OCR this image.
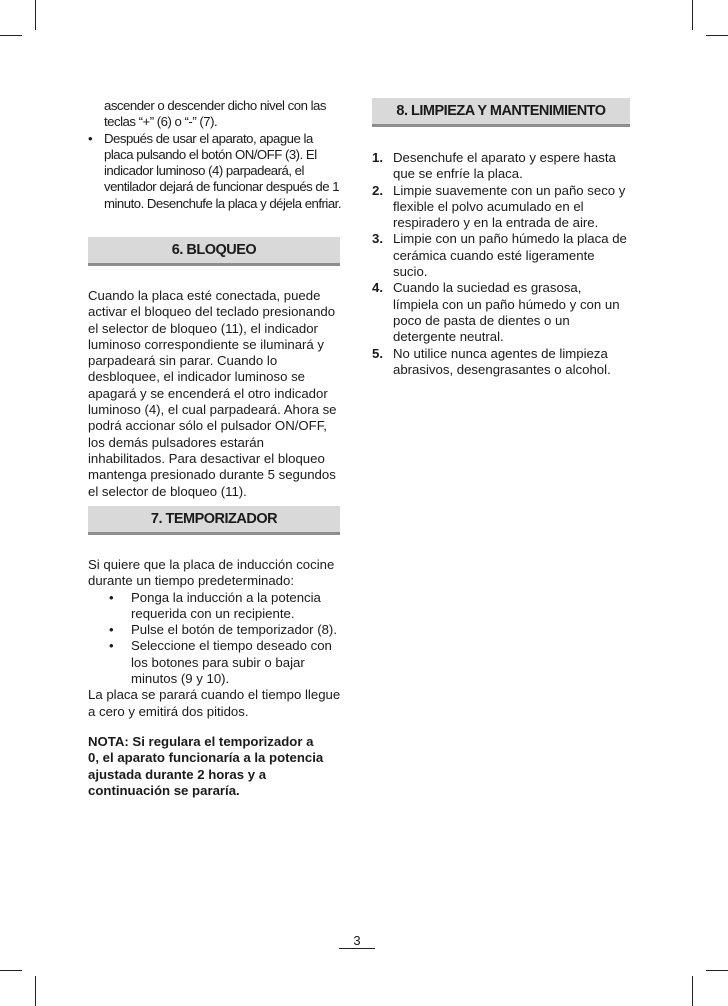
ascender o descender dicho nivel con las

teclas “+” (6) o “-” (7).

• Después de usar el aparato, apague la placa pulsando el botón ON/OFF (3). El indicador luminoso (4) parpadeará, el ventilador dejará de funcionar después de 1 minuto. Desenchufe la placa y déjela enfriar.
6. BLOQUEO

Cuando la placa esté conectada, puede activar el bloqueo del teclado presionando el selector de bloqueo (11), el indicador luminoso correspondiente se iluminará y parpadeará sin parar. Cuando lo desbloquee, el indicador luminoso se apagará y se encenderá el otro indicador luminoso (4), el cual parpadeará. Ahora se podrá accionar sólo el pulsador ON/OFF, los demás pulsadores estarán inhabilitados. Para desactivar el bloqueo mantenga presionado durante 5 segundos el selector de bloqueo (11).

7. TEMPORIZADOR

Si quiere que la placa de inducción cocine durante un tiempo predeterminado:

• Ponga la inducción a la potencia requerida con un recipiente.
• Pulse el botón de temporizador (8).
• Seleccione el tiempo deseado con los botones para subir o bajar minutos (9 y 10).

La placa se parará cuando el tiempo llegue a cero y emitirá dos pitidos.

NOTA: Si regulara el temporizador a 0, el aparato funcionaría a la potencia ajustada durante 2 horas y a continuación se pararía.

8. LIMPIEZA Y MANTENIMIENTO
1. Desenchufe el aparato y espere hasta que se enfríe la placa.
2. Limpie suavemente con un paño seco y flexible el polvo acumulado en el respiradero y en la entrada de aire.
3. Limpie con un paño húmedo la placa de cerámica cuando esté ligeramente sucio.
4. Cuando la suciedad es grasosa, límpiela con un paño húmedo y con un poco de pasta de dientes o un detergente neutral.
5. No utilice nunca agentes de limpieza abrasivos, desengrasantes o alcohol.
3
